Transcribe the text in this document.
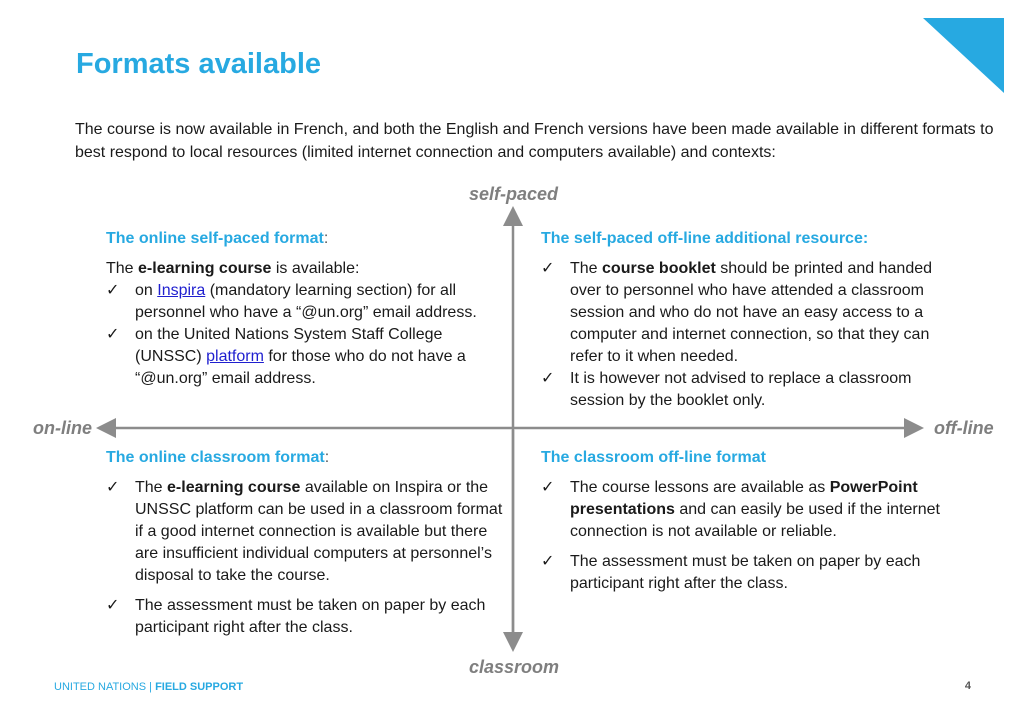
Formats available

The course is now available in French, and both the English and French versions have been made available in different formats to best respond to local resources (limited internet connection and computers available) and contexts:

self-paced
classroom
on-line	off-line
The online self-paced format:

The e-learning course is available:

✓ on Inspira (mandatory learning section) for all personnel who have a “@un.org” email address.
✓ on the United Nations System Staff College (UNSSC) platform for those who do not have a “@un.org” email address.
The self-paced off-line additional resource:
✓ The course booklet should be printed and handed over to personnel who have attended a classroom session and who do not have an easy access to a computer and internet connection, so that they can refer to it when needed.
✓ It is however not advised to replace a classroom session by the booklet only.
The online classroom format:
✓ The e-learning course available on Inspira or the UNSSC platform can be used in a classroom format if a good internet connection is available but there are insufficient individual computers at personnel’s disposal to take the course.
✓ The assessment must be taken on paper by each participant right after the class.
The classroom off-line format
✓ The course lessons are available as PowerPoint presentations and can easily be used if the internet connection is not available or reliable.
✓ The assessment must be taken on paper by each participant right after the class.
UNITED NATIONS | FIELD SUPPORT	4
